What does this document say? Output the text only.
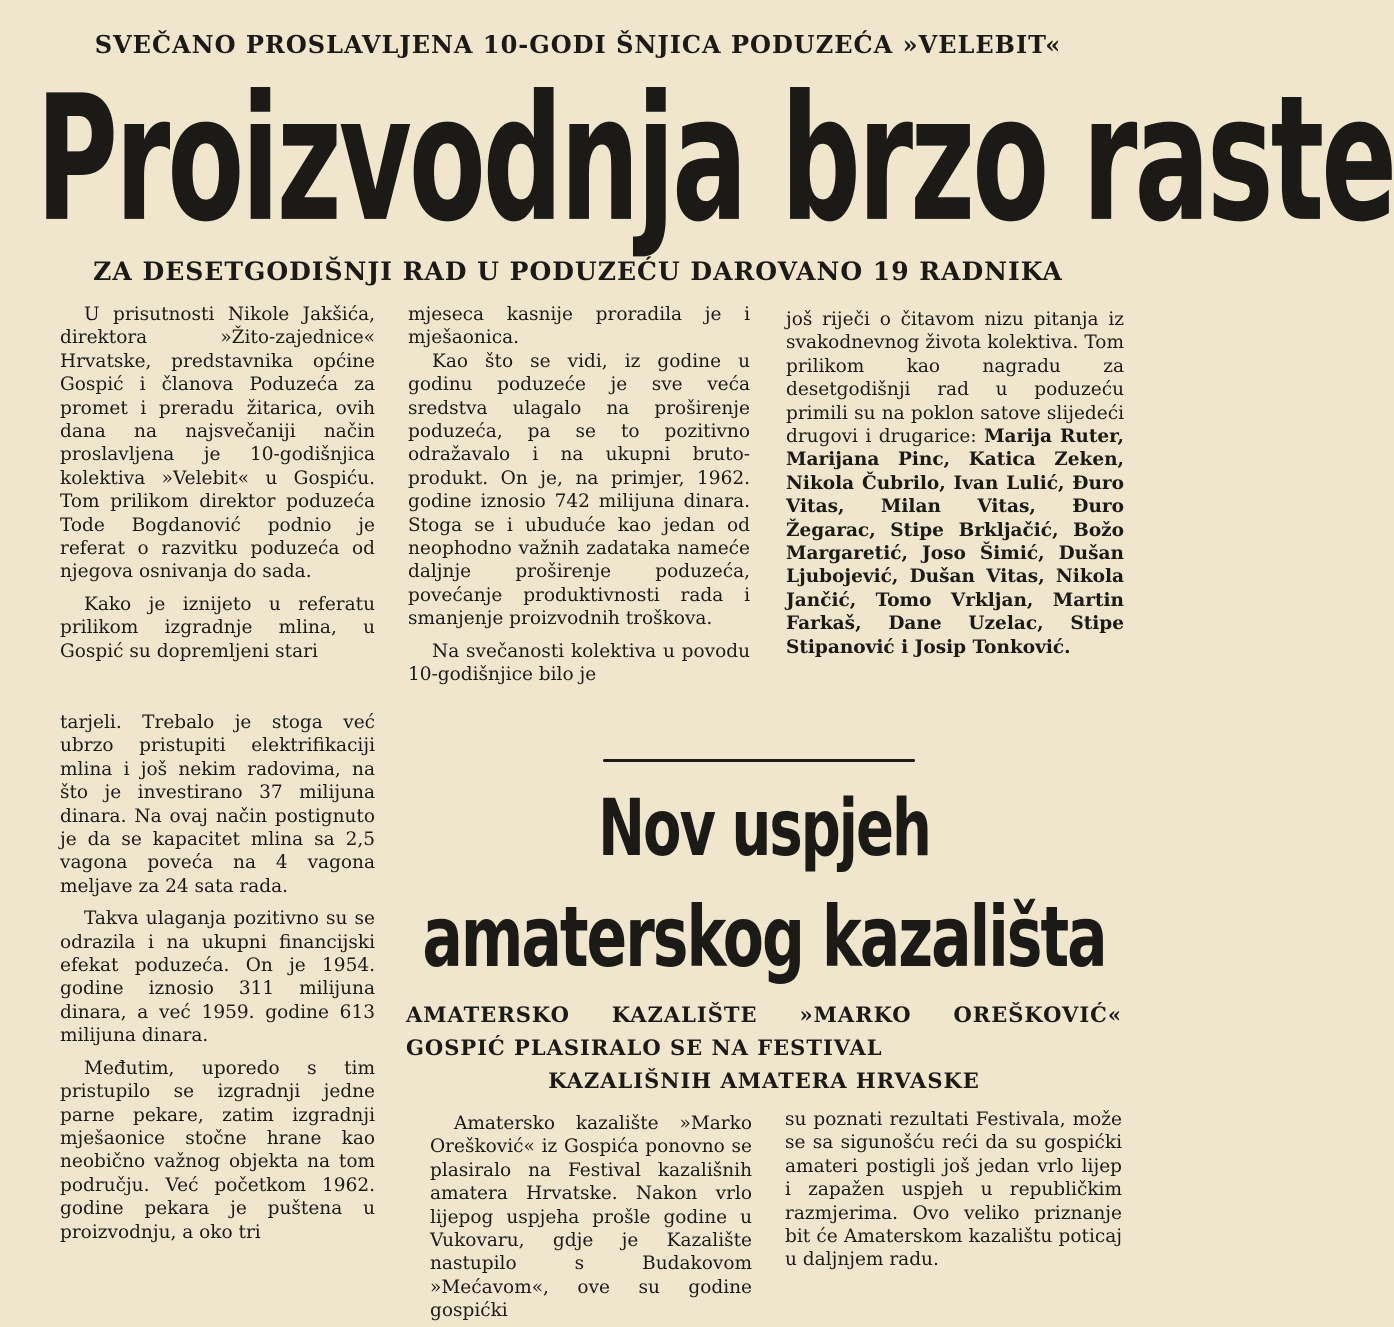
SVEČANO PROSLAVLJENA 10-GODI ŠNJICA PODUZEĆA »VELEBIT«
Proizvodnja brzo raste
ZA DESETGODIŠNJI RAD U PODUZEĆU DAROVANO 19 RADNIKA

U prisutnosti Nikole Jakšića, direktora »Žito-zajednice« Hrvatske, predstavnika općine Gospić i članova Poduzeća za promet i preradu žitarica, ovih dana na najsvečaniji način proslavljena je 10-godišnjica kolektiva »Velebit« u Gospiću. Tom prilikom direktor poduzeća Tode Bogdanović podnio je referat o razvitku poduzeća od njegova osnivanja do sada.

Kako je iznijeto u referatu prilikom izgradnje mlina, u Gospić su dopremljeni stari

tarjeli. Trebalo je stoga već ubrzo pristupiti elektrifikaciji mlina i još nekim radovima, na što je investirano 37 milijuna dinara. Na ovaj način postignuto je da se kapacitet mlina sa 2,5 vagona poveća na 4 vagona meljave za 24 sata rada.

Takva ulaganja pozitivno su se odrazila i na ukupni financijski efekat poduzeća. On je 1954. godine iznosio 311 milijuna dinara, a već 1959. godine 613 milijuna dinara.

Međutim, uporedo s tim pristupilo se izgradnji jedne parne pekare, zatim izgradnji mješaonice stočne hrane kao neobično važnog objekta na tom području. Već početkom 1962. godine pekara je puštena u proizvodnju, a oko tri

mjeseca kasnije proradila je i mješaonica.

Kao što se vidi, iz godine u godinu poduzeće je sve veća sredstva ulagalo na proširenje poduzeća, pa se to pozitivno odražavalo i na ukupni bruto-produkt. On je, na primjer, 1962. godine iznosio 742 milijuna dinara. Stoga se i ubuduće kao jedan od neophodno važnih zadataka nameće daljnje proširenje poduzeća, povećanje produktivnosti rada i smanjenje proizvodnih troškova.

Na svečanosti kolektiva u povodu 10-godišnjice bilo je

još riječi o čitavom nizu pitanja iz svakodnevnog života kolektiva. Tom prilikom kao nagradu za desetgodišnji rad u poduzeću primili su na poklon satove slijedeći drugovi i drugarice: Marija Ruter, Marijana Pinc, Katica Zeken, Nikola Čubrilo, Ivan Lulić, Đuro Vitas, Milan Vitas, Đuro Žegarac, Stipe Brkljačić, Božo Margaretić, Joso Šimić, Dušan Ljubojević, Dušan Vitas, Nikola Jančić, Tomo Vrkljan, Martin Farkaš, Dane Uzelac, Stipe Stipanović i Josip Tonković.

Nov uspjeh
amaterskog kazališta
AMATERSKO KAZALIŠTE »MARKO OREŠKOVIĆ« GOSPIĆ PLASIRALO SE NA FESTIVAL
KAZALIŠNIH AMATERA HRVASKE

Amatersko kazalište »Marko Orešković« iz Gospića ponovno se plasiralo na Festival kazališnih amatera Hrvatske. Nakon vrlo lijepog uspjeha prošle godine u Vukovaru, gdje je Kazalište nastupilo s Budakovom »Mećavom«, ove su godine gospićki

su poznati rezultati Festivala, može se sa sigunošću reći da su gospićki amateri postigli još jedan vrlo lijep i zapažen uspjeh u republičkim razmjerima. Ovo veliko priznanje bit će Amaterskom kazalištu poticaj u daljnjem radu.
